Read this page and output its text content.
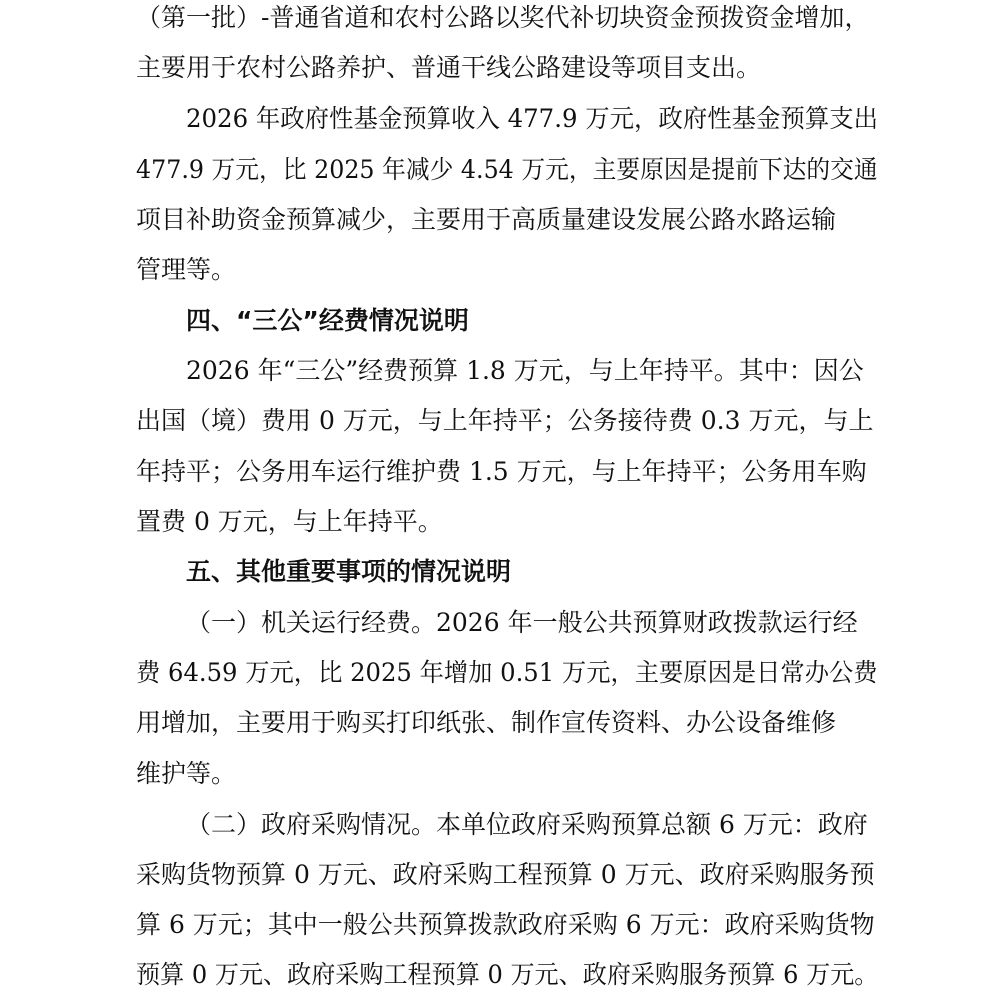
（第一批）-普通省道和农村公路以奖代补切块资金预拨资金增加，
主要用于农村公路养护、普通干线公路建设等项目支出。
2026 年政府性基金预算收入 477.9 万元，政府性基金预算支出
477.9 万元，比 2025 年减少 4.54 万元，主要原因是提前下达的交通
项目补助资金预算减少，主要用于高质量建设发展公路水路运输
管理等。
四、“三公”经费情况说明
2026 年“三公”经费预算 1.8 万元，与上年持平。其中：因公
出国（境）费用 0 万元，与上年持平；公务接待费 0.3 万元，与上
年持平；公务用车运行维护费 1.5 万元，与上年持平；公务用车购
置费 0 万元，与上年持平。
五、其他重要事项的情况说明
（一）机关运行经费。2026 年一般公共预算财政拨款运行经
费 64.59 万元，比 2025 年增加 0.51 万元，主要原因是日常办公费
用增加，主要用于购买打印纸张、制作宣传资料、办公设备维修
维护等。
（二）政府采购情况。本单位政府采购预算总额 6 万元：政府
采购货物预算 0 万元、政府采购工程预算 0 万元、政府采购服务预
算 6 万元；其中一般公共预算拨款政府采购 6 万元：政府采购货物
预算 0 万元、政府采购工程预算 0 万元、政府采购服务预算 6 万元。
